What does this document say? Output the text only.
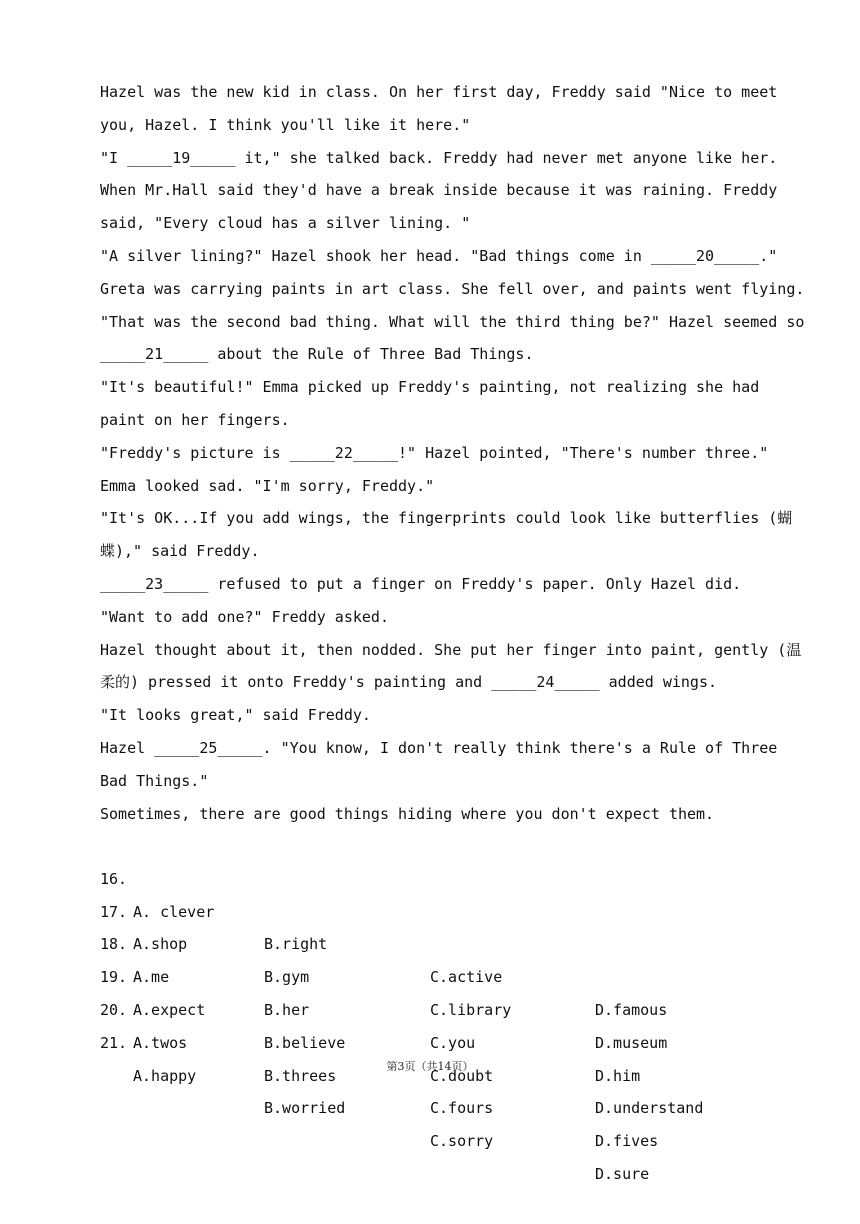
Hazel was the new kid in class. On her first day, Freddy said "Nice to meet
you, Hazel. I think you'll like it here."
"I _____19_____ it," she talked back. Freddy had never met anyone like her.
When Mr.Hall said they'd have a break inside because it was raining. Freddy
said, "Every cloud has a silver lining. "
"A silver lining?" Hazel shook her head. "Bad things come in _____20_____."
Greta was carrying paints in art class. She fell over, and paints went flying.
"That was the second bad thing. What will the third thing be?" Hazel seemed so
_____21_____ about the Rule of Three Bad Things.
"It's beautiful!" Emma picked up Freddy's painting, not realizing she had
paint on her fingers.
"Freddy's picture is _____22_____!" Hazel pointed, "There's number three."
Emma looked sad. "I'm sorry, Freddy."
"It's OK...If you add wings, the fingerprints could look like butterflies (蝴
蝶)," said Freddy.
_____23_____ refused to put a finger on Freddy's paper. Only Hazel did.
"Want to add one?" Freddy asked.
Hazel thought about it, then nodded. She put her finger into paint, gently (温
柔的) pressed it onto Freddy's painting and _____24_____ added wings.
"It looks great," said Freddy.
Hazel _____25_____. "You know, I don't really think there's a Rule of Three
Bad Things."
Sometimes, there are good things hiding where you don't expect them.

16.

A. clever

B.right

C.active

D.famous

17.

A.shop

B.gym

C.library

D.museum

18.

A.me

B.her

C.you

D.him

19.

A.expect

B.believe

C.doubt

D.understand

20.

A.twos

B.threes

C.fours

D.fives

21.

A.happy

B.worried

C.sorry

D.sure

第3页（共14页）
